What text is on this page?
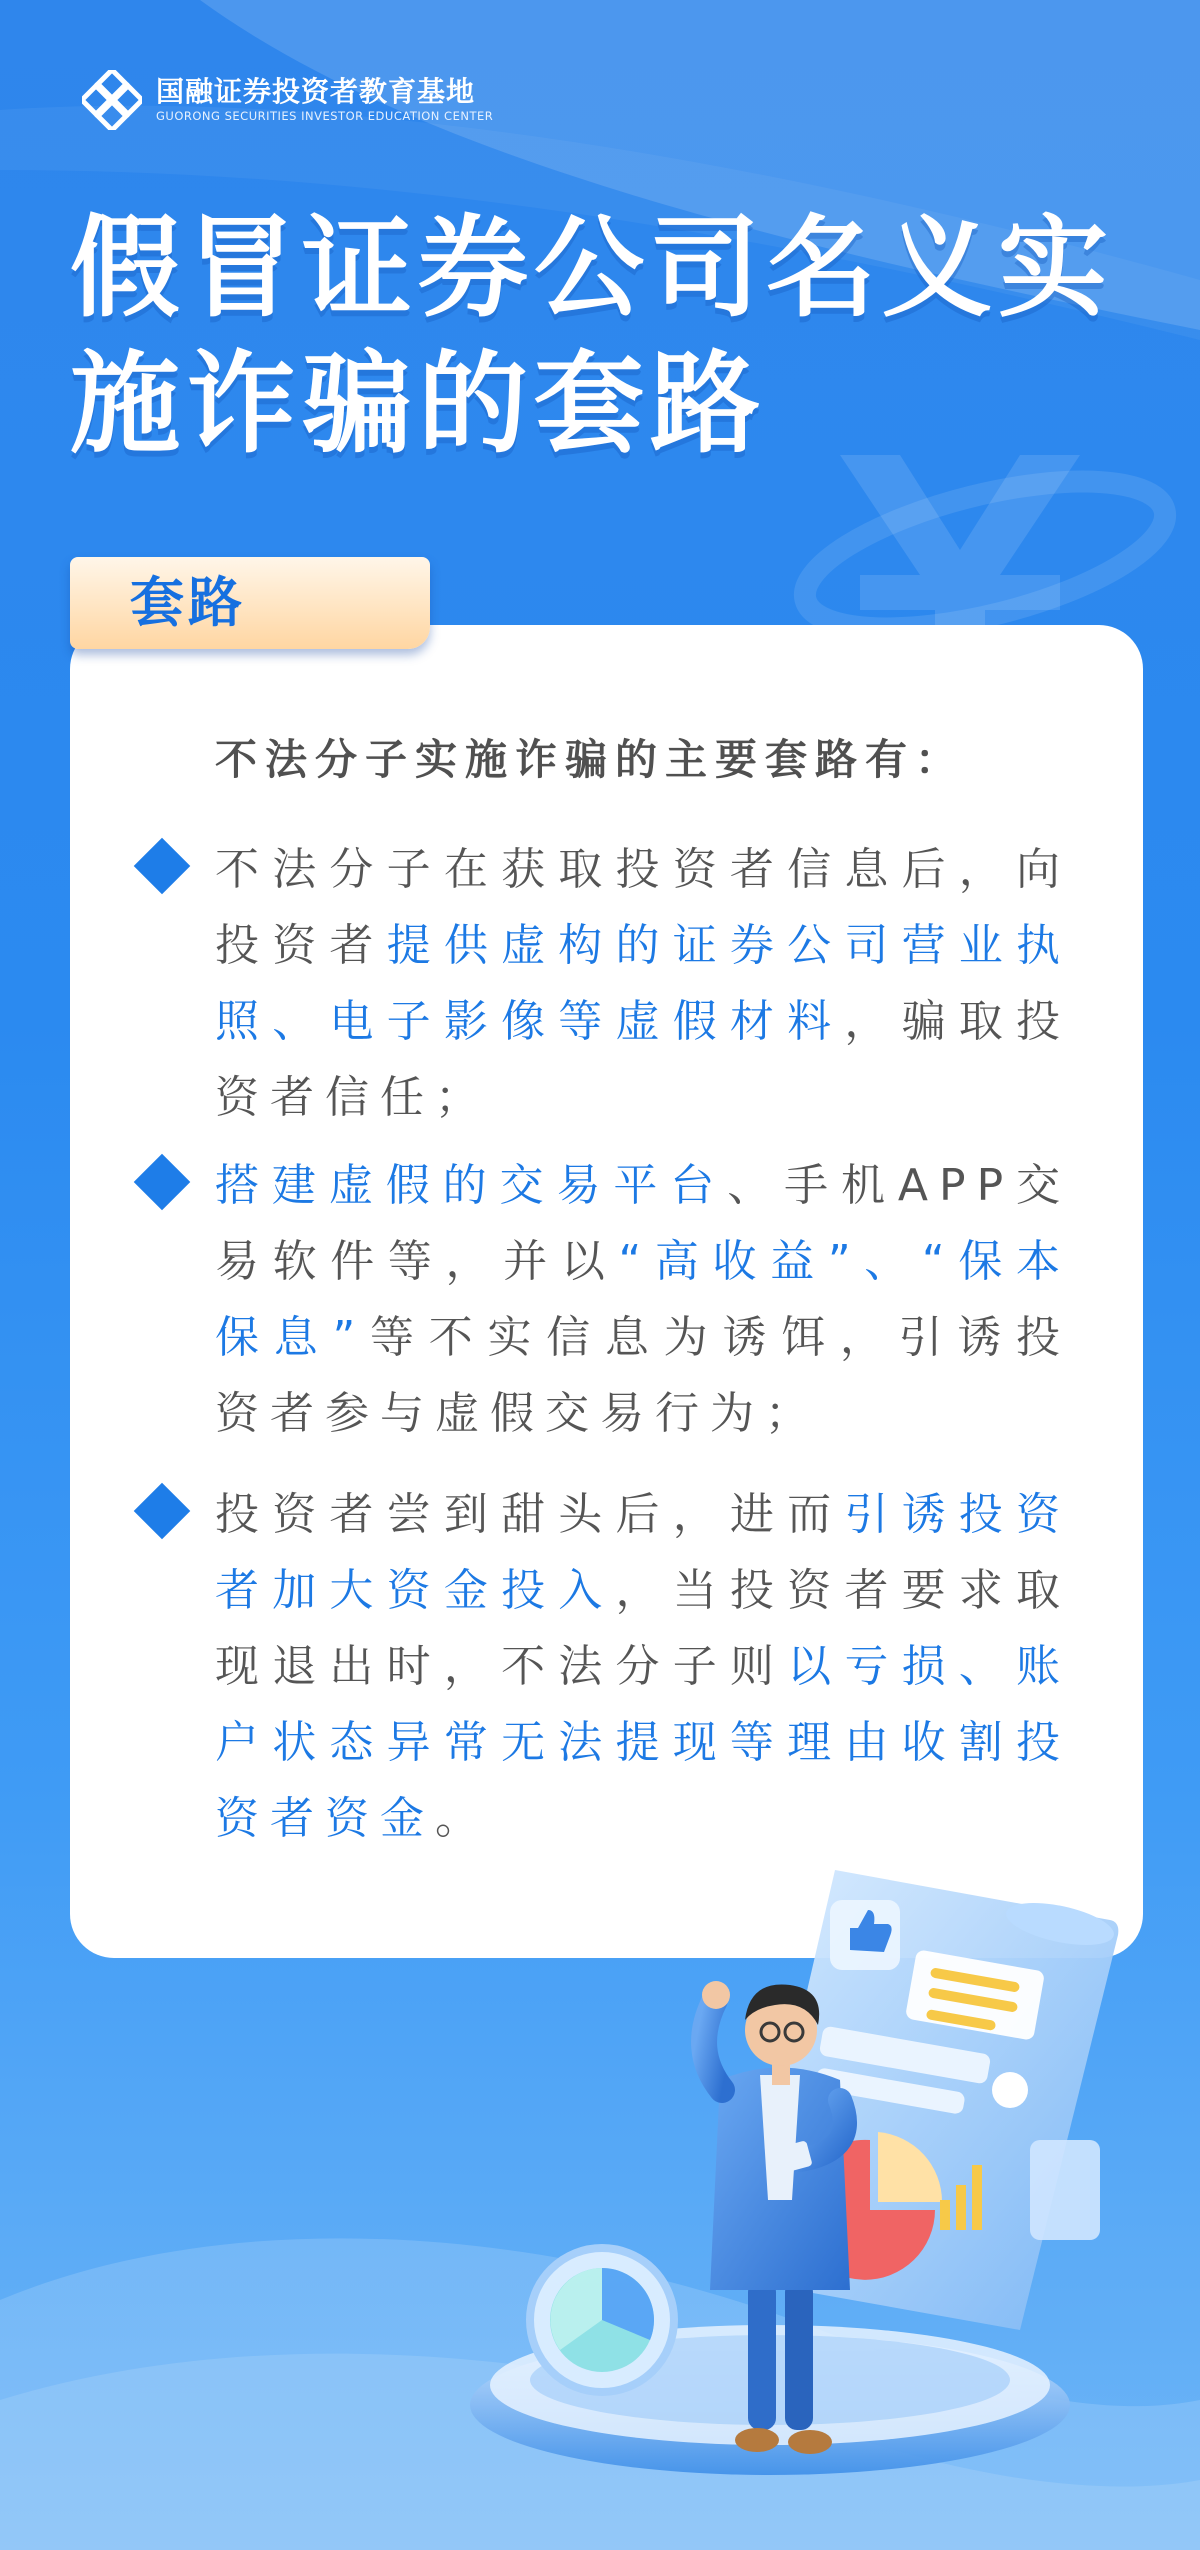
国融证券投资者教育基地
GUORONG SECURITIES INVESTOR EDUCATION CENTER
假冒证券公司名义实
施诈骗的套路
套路
不法分子实施诈骗的主要套路有：
不法分子在获取投资者信息后，向投资者提供虚构的证券公司营业执照、电子影像等虚假材料，骗取投资者信任；
搭建虚假的交易平台、手机APP交易软件等，并以“高收益”、“保本保息”等不实信息为诱饵，引诱投资者参与虚假交易行为；
投资者尝到甜头后，进而引诱投资者加大资金投入，当投资者要求取现退出时，不法分子则以亏损、账户状态异常无法提现等理由收割投资者资金。
